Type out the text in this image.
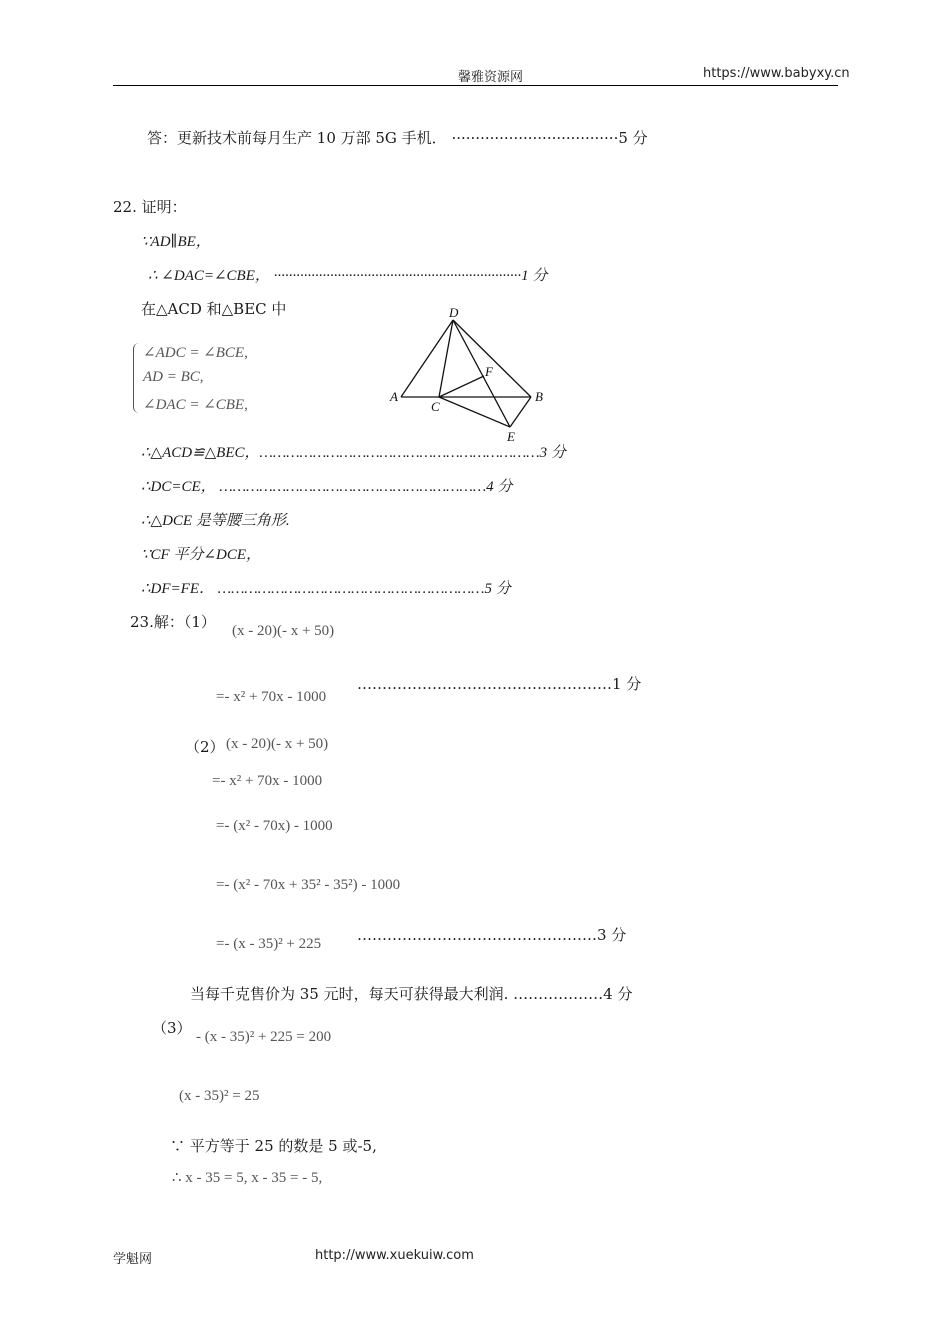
馨雅资源网	https://www.babyxy.cn
答：更新技术前每月生产 10 万部 5G 手机． ···································5 分
22. 证明：
∵AD∥BE，
∴ ∠DAC=∠CBE， ··································································1 分
在△ACD 和△BEC 中
∠ADC = ∠BCE,
AD = BC,
∠DAC = ∠CBE,
D
F
A
C
B
E
∴△ACD≌△BEC，………………………………………………………3 分
∴DC=CE， ……………………………………………………4 分
∴△DCE 是等腰三角形.
∵CF 平分∠DCE，
∴DF=FE． ……………………………………………………5 分
23.解：（1） (x - 20)(- x + 50)
=- x² + 70x - 1000
……………………………………………1 分
（2） (x - 20)(- x + 50)
=- x² + 70x - 1000
=- (x² - 70x) - 1000
=- (x² - 70x + 35² - 35²) - 1000
=- (x - 35)² + 225 …………………………………………3 分
当每千克售价为 35 元时，每天可获得最大利润. ………………4 分
（3） - (x - 35)² + 225 = 200
(x - 35)² = 25
∵ 平方等于 25 的数是 5 或-5,
∴ x - 35 = 5, x - 35 = - 5,
学魁网	http://www.xuekuiw.com
